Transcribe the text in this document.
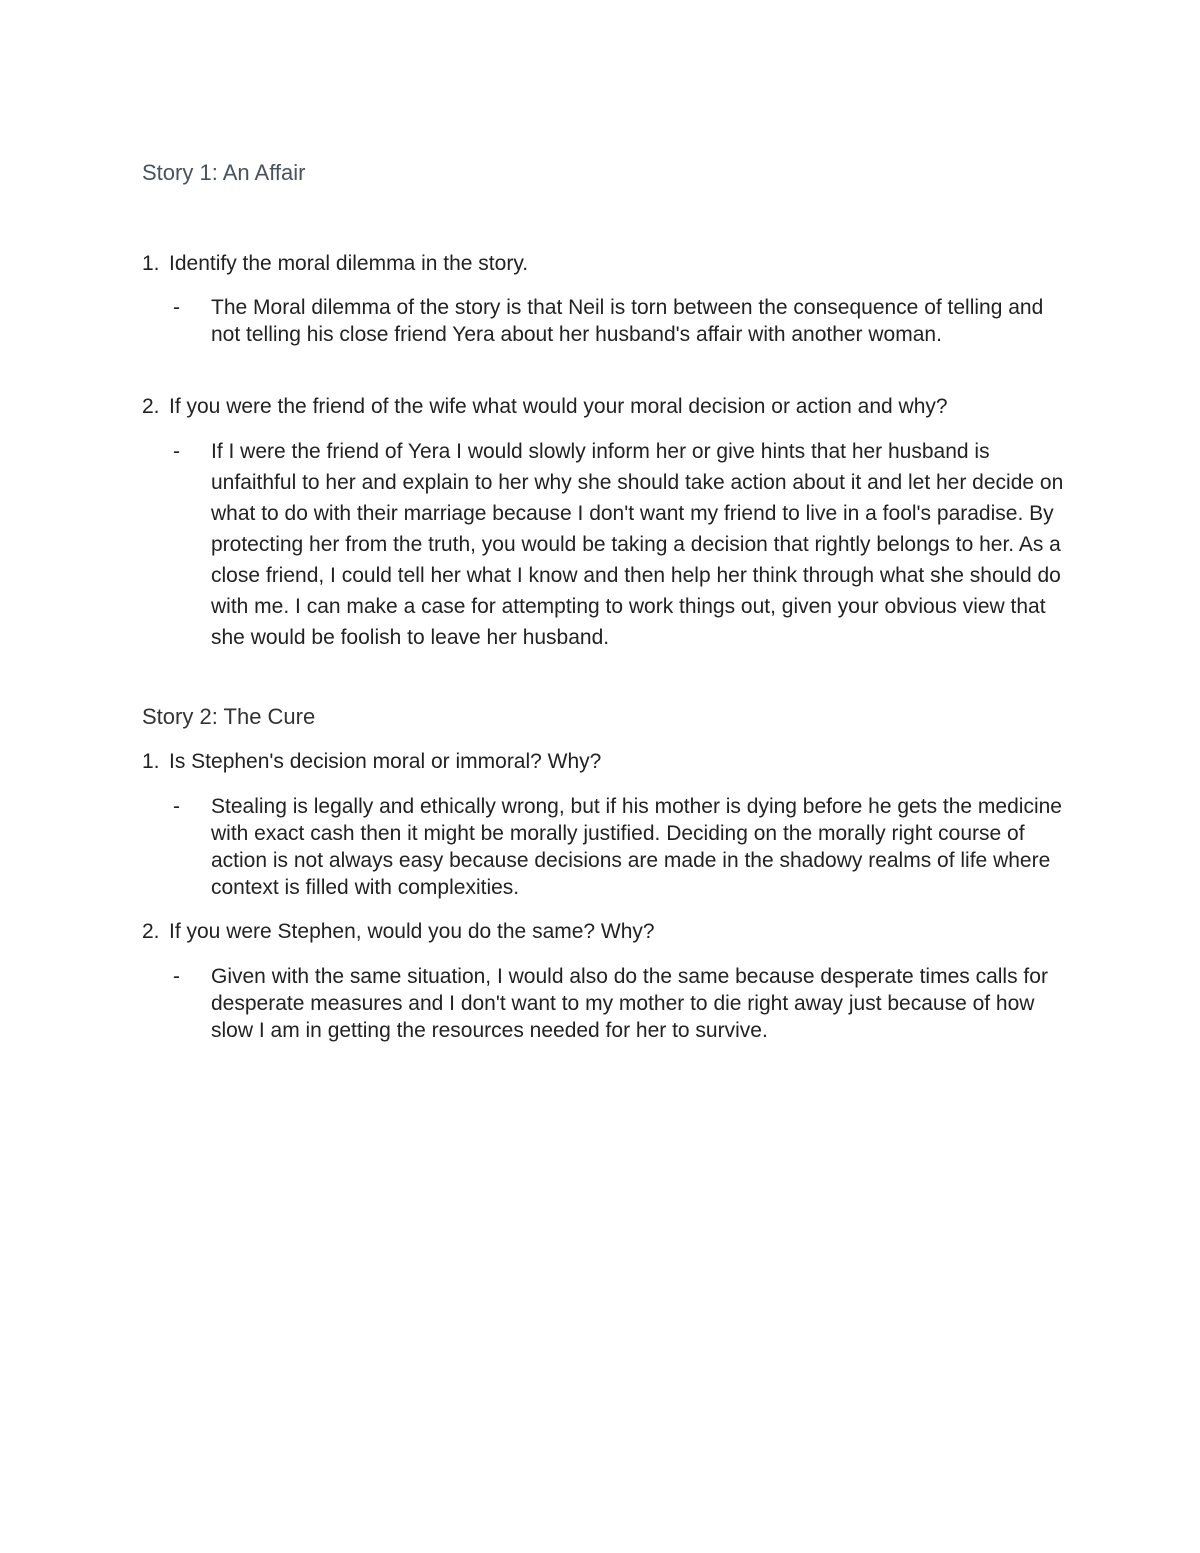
Story 1: An Affair
1. Identify the moral dilemma in the story.
-	The Moral dilemma of the story is that Neil is torn between the consequence of telling and not telling his close friend Yera about her husband's affair with another woman.
2. If you were the friend of the wife what would your moral decision or action and why?
-	If I were the friend of Yera I would slowly inform her or give hints that her husband is unfaithful to her and explain to her why she should take action about it and let her decide on what to do with their marriage because I don't want my friend to live in a fool's paradise. By protecting her from the truth, you would be taking a decision that rightly belongs to her. As a close friend, I could tell her what I know and then help her think through what she should do with me. I can make a case for attempting to work things out, given your obvious view that she would be foolish to leave her husband.
Story 2: The Cure
1. Is Stephen's decision moral or immoral? Why?
-	Stealing is legally and ethically wrong, but if his mother is dying before he gets the medicine with exact cash then it might be morally justified. Deciding on the morally right course of action is not always easy because decisions are made in the shadowy realms of life where context is filled with complexities.
2. If you were Stephen, would you do the same? Why?
-	Given with the same situation, I would also do the same because desperate times calls for desperate measures and I don't want to my mother to die right away just because of how slow I am in getting the resources needed for her to survive.
